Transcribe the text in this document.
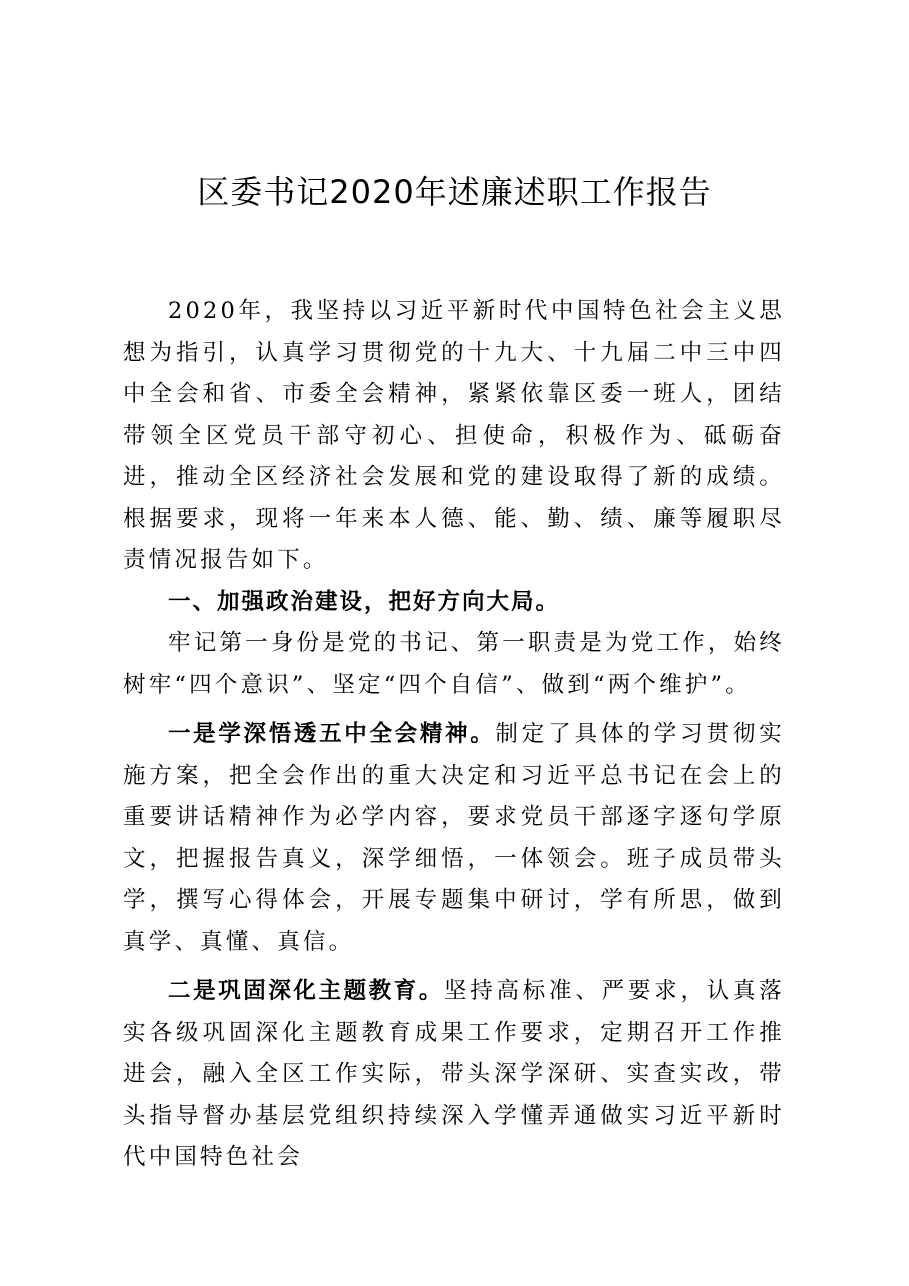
区委书记2020年述廉述职工作报告

2020年，我坚持以习近平新时代中国特色社会主义思想为指引，认真学习贯彻党的十九大、十九届二中三中四中全会和省、市委全会精神，紧紧依靠区委一班人，团结带领全区党员干部守初心、担使命，积极作为、砥砺奋进，推动全区经济社会发展和党的建设取得了新的成绩。根据要求，现将一年来本人德、能、勤、绩、廉等履职尽责情况报告如下。

一、加强政治建设，把好方向大局。

牢记第一身份是党的书记、第一职责是为党工作，始终树牢“四个意识”、坚定“四个自信”、做到“两个维护”。

一是学深悟透五中全会精神。制定了具体的学习贯彻实施方案，把全会作出的重大决定和习近平总书记在会上的重要讲话精神作为必学内容，要求党员干部逐字逐句学原文，把握报告真义，深学细悟，一体领会。班子成员带头学，撰写心得体会，开展专题集中研讨，学有所思，做到真学、真懂、真信。

二是巩固深化主题教育。坚持高标准、严要求，认真落实各级巩固深化主题教育成果工作要求，定期召开工作推进会，融入全区工作实际，带头深学深研、实查实改，带头指导督办基层党组织持续深入学懂弄通做实习近平新时代中国特色社会
